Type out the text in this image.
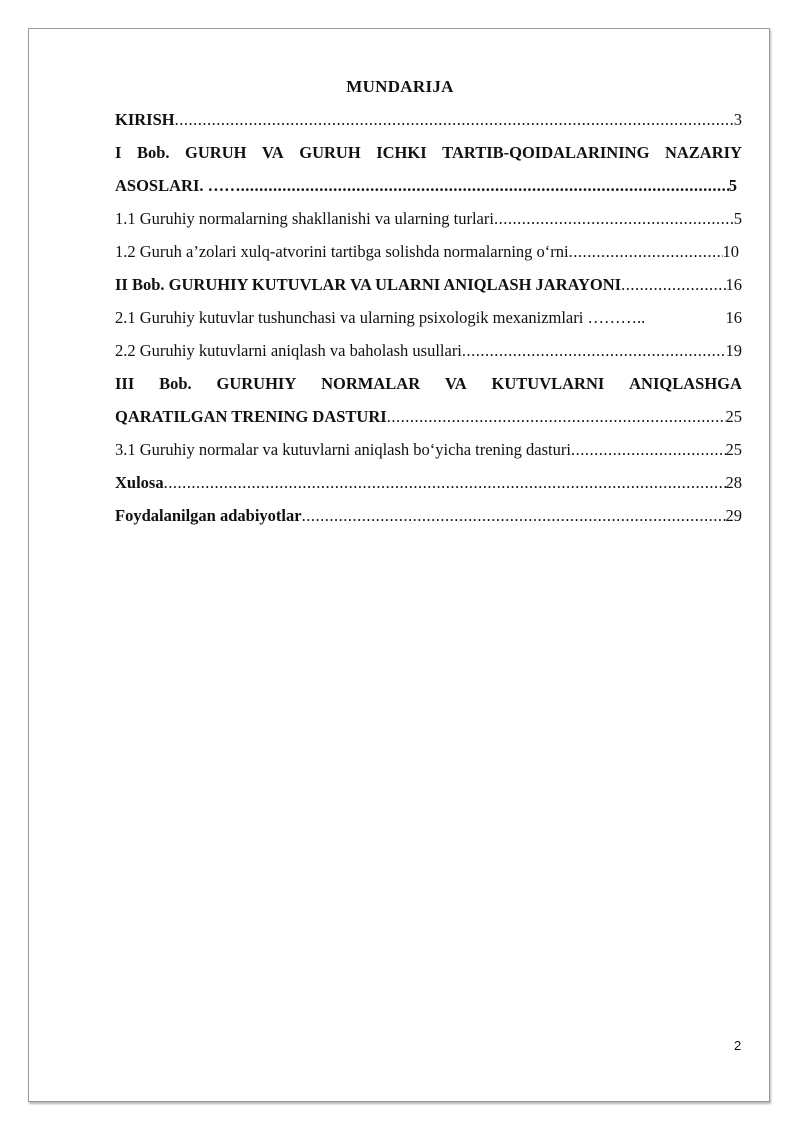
MUNDARIJA
KIRISH .....	3
I Bob. GURUH VA GURUH ICHKI TARTIB-QOIDALARINING NAZARIY
ASOSLARI. …… .....	5
1.1 Guruhiy normalarning shakllanishi va ularning turlari .....	5
1.2 Guruh a’zolari xulq-atvorini tartibga solishda normalarning o‘rni .....	10
II Bob. GURUHIY KUTUVLAR VA ULARNI ANIQLASH JARAYONI .....	16
2.1 Guruhiy kutuvlar tushunchasi va ularning psixologik mexanizmlari ………..	16
2.2 Guruhiy kutuvlarni aniqlash va baholash usullari .....	19
III Bob. GURUHIY NORMALAR VA KUTUVLARNI ANIQLASHGA
QARATILGAN TRENING DASTURI .....	25
3.1 Guruhiy normalar va kutuvlarni aniqlash bo‘yicha trening dasturi .....	25
Xulosa .....	28
Foydalanilgan adabiyotlar .....	29
2
